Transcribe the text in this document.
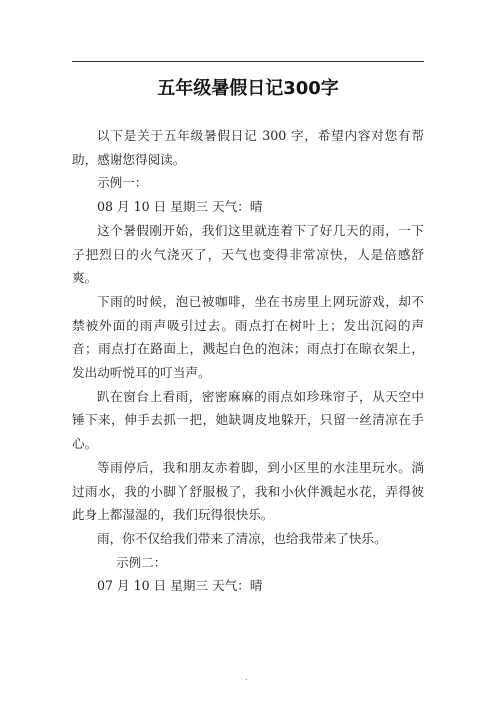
五年级暑假日记300字

以下是关于五年级暑假日记 300 字，希望内容对您有帮助，感谢您得阅读。

示例一：

08 月 10 日 星期三 天气：晴

这个暑假刚开始，我们这里就连着下了好几天的雨，一下子把烈日的火气浇灭了，天气也变得非常凉快，人是倍感舒爽。

下雨的时候，泡已被咖啡，坐在书房里上网玩游戏，却不禁被外面的雨声吸引过去。雨点打在树叶上；发出沉闷的声音；雨点打在路面上，溅起白色的泡沫；雨点打在晾衣架上，发出动听悦耳的叮当声。

趴在窗台上看雨，密密麻麻的雨点如珍珠帘子，从天空中锤下来，伸手去抓一把，她缺调皮地躲开，只留一丝清凉在手心。

等雨停后，我和朋友赤着脚，到小区里的水洼里玩水。淌过雨水，我的小脚丫舒服极了，我和小伙伴溅起水花，弄得彼此身上都湿湿的，我们玩得很快乐。

雨，你不仅给我们带来了清凉，也给我带来了快乐。

示例二：

07 月 10 日 星期三 天气：晴

.
